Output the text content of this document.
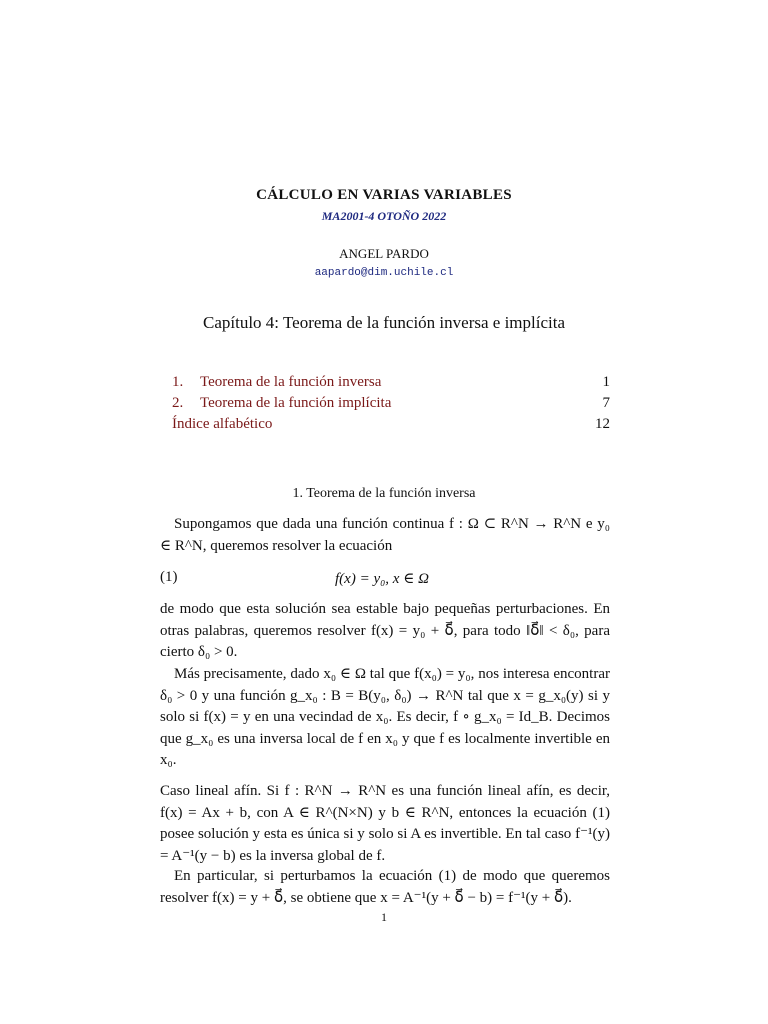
CÁLCULO EN VARIAS VARIABLES
MA2001-4 OTOÑO 2022
ANGEL PARDO
aapardo@dim.uchile.cl
Capítulo 4: Teorema de la función inversa e implícita
1. Teorema de la función inversa	1
2. Teorema de la función implícita	7
Índice alfabético	12
1. Teorema de la función inversa

Supongamos que dada una función continua f : Ω ⊂ R^N → R^N e y₀ ∈ R^N, queremos resolver la ecuación

(1)	f(x) = y₀, x ∈ Ω

de modo que esta solución sea estable bajo pequeñas perturbaciones. En otras palabras, queremos resolver f(x) = y₀ + δ⃗, para todo ‖δ⃗‖ < δ₀, para cierto δ₀ > 0.

Más precisamente, dado x₀ ∈ Ω tal que f(x₀) = y₀, nos interesa encontrar δ₀ > 0 y una función g_x₀ : B = B(y₀, δ₀) → R^N tal que x = g_x₀(y) si y solo si f(x) = y en una vecindad de x₀. Es decir, f ∘ g_x₀ = Id_B. Decimos que g_x₀ es una inversa local de f en x₀ y que f es localmente invertible en x₀.

Caso lineal afín. Si f : R^N → R^N es una función lineal afín, es decir, f(x) = Ax + b, con A ∈ R^(N×N) y b ∈ R^N, entonces la ecuación (1) posee solución y esta es única si y solo si A es invertible. En tal caso f⁻¹(y) = A⁻¹(y − b) es la inversa global de f.

En particular, si perturbamos la ecuación (1) de modo que queremos resolver f(x) = y + δ⃗, se obtiene que x = A⁻¹(y + δ⃗ − b) = f⁻¹(y + δ⃗).

1
